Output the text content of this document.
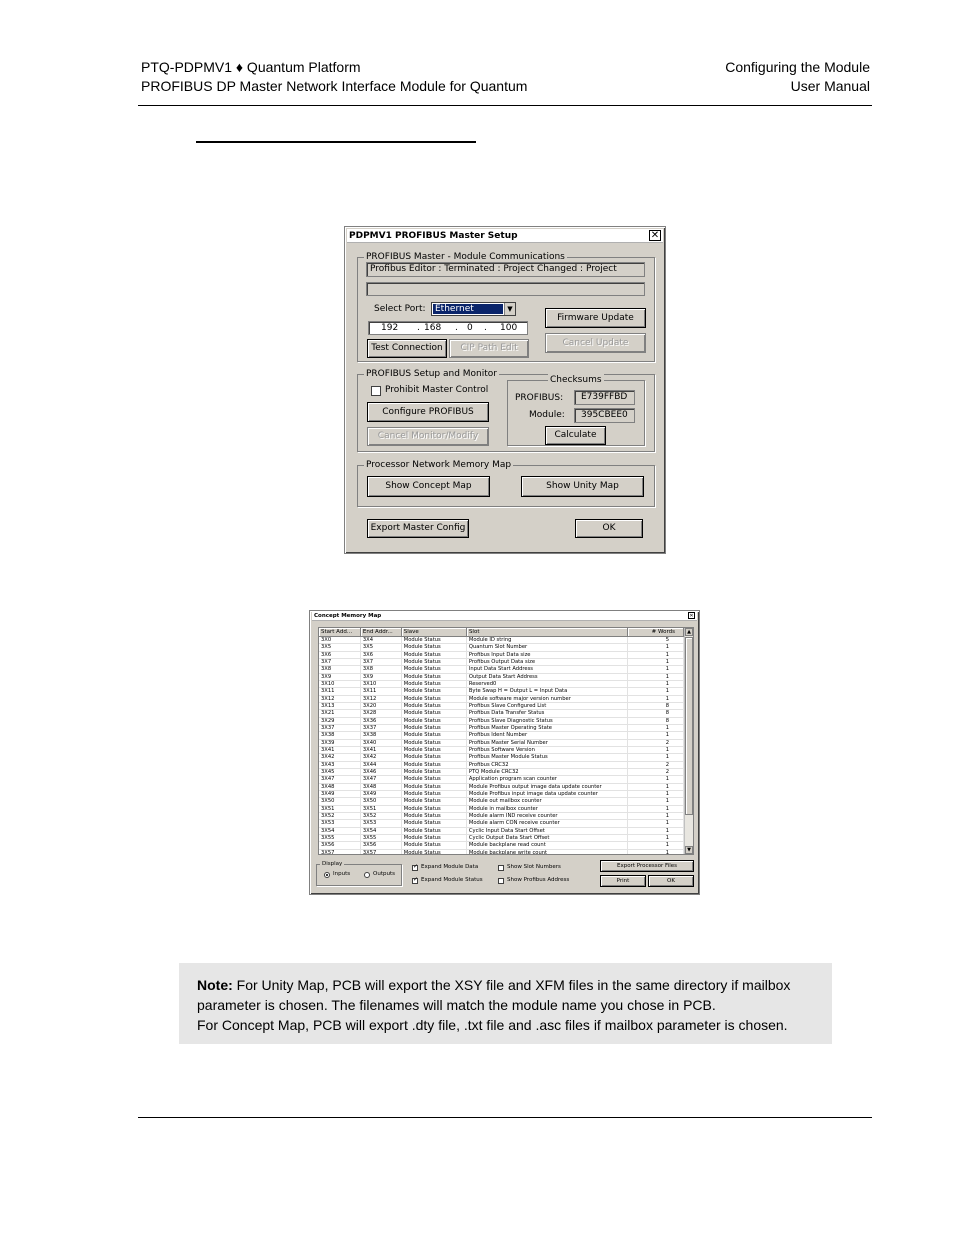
PTQ-PDPMV1 ♦ Quantum Platform
PROFIBUS DP Master Network Interface Module for Quantum
Configuring the Module
User Manual
PDPMV1 PROFIBUS Master Setup	✕
PROFIBUS Master - Module Communications
Profibus Editor : Terminated : Project Changed : Project
Select Port: Ethernet	▼
192 . 168 . 0 . 100
Firmware Update
Cancel Update
Test Connection	CIP Path Edit
PROFIBUS Setup and Monitor
Prohibit Master Control
Configure PROFIBUS
Cancel Monitor/Modify
Checksums
PROFIBUS:	E739FFBD
Module:	395CBEE0
Calculate
Processor Network Memory Map
Show Concept Map	Show Unity Map
Export Master Config	OK
Concept Memory Map	✕
Start Add...	End Addr...	Slave	Slot	# Words
3X0	3X4	Module Status	Module ID string	5
3X5	3X5	Module Status	Quantum Slot Number	1
3X6	3X6	Module Status	Profibus Input Data size	1
3X7	3X7	Module Status	Profibus Output Data size	1
3X8	3X8	Module Status	Input Data Start Address	1
3X9	3X9	Module Status	Output Data Start Address	1
3X10	3X10	Module Status	Reserved0	1
3X11	3X11	Module Status	Byte Swap H = Output L = Input Data	1
3X12	3X12	Module Status	Module software major version number	1
3X13	3X20	Module Status	Profibus Slave Configured List	8
3X21	3X28	Module Status	Profibus Data Transfer Status	8
3X29	3X36	Module Status	Profibus Slave Diagnostic Status	8
3X37	3X37	Module Status	Profibus Master Operating State	1
3X38	3X38	Module Status	Profibus Ident Number	1
3X39	3X40	Module Status	Profibus Master Serial Number	2
3X41	3X41	Module Status	Profibus Software Version	1
3X42	3X42	Module Status	Profibus Master Module Status	1
3X43	3X44	Module Status	Profibus CRC32	2
3X45	3X46	Module Status	PTQ Module CRC32	2
3X47	3X47	Module Status	Application program scan counter	1
3X48	3X48	Module Status	Module Profibus output image data update counter	1
3X49	3X49	Module Status	Module Profibus input image data update counter	1
3X50	3X50	Module Status	Module out mailbox counter	1
3X51	3X51	Module Status	Module in mailbox counter	1
3X52	3X52	Module Status	Module alarm IND receive counter	1
3X53	3X53	Module Status	Module alarm CON receive counter	1
3X54	3X54	Module Status	Cyclic Input Data Start Offset	1
3X55	3X55	Module Status	Cyclic Output Data Start Offset	1
3X56	3X56	Module Status	Module backplane read count	1
3X57	3X57	Module Status	Module backplane write count	1
▲
▼
Display
Inputs	Outputs
✓
Expand Module Data
✓
Expand Module Status
Show Slot Numbers
Show Profibus Address
Export Processor Files
Print	OK
Note: For Unity Map, PCB will export the XSY file and XFM files in the same directory if mailbox parameter is chosen. The filenames will match the module name you chose in PCB.
For Concept Map, PCB will export .dty file, .txt file and .asc files if mailbox parameter is chosen.
